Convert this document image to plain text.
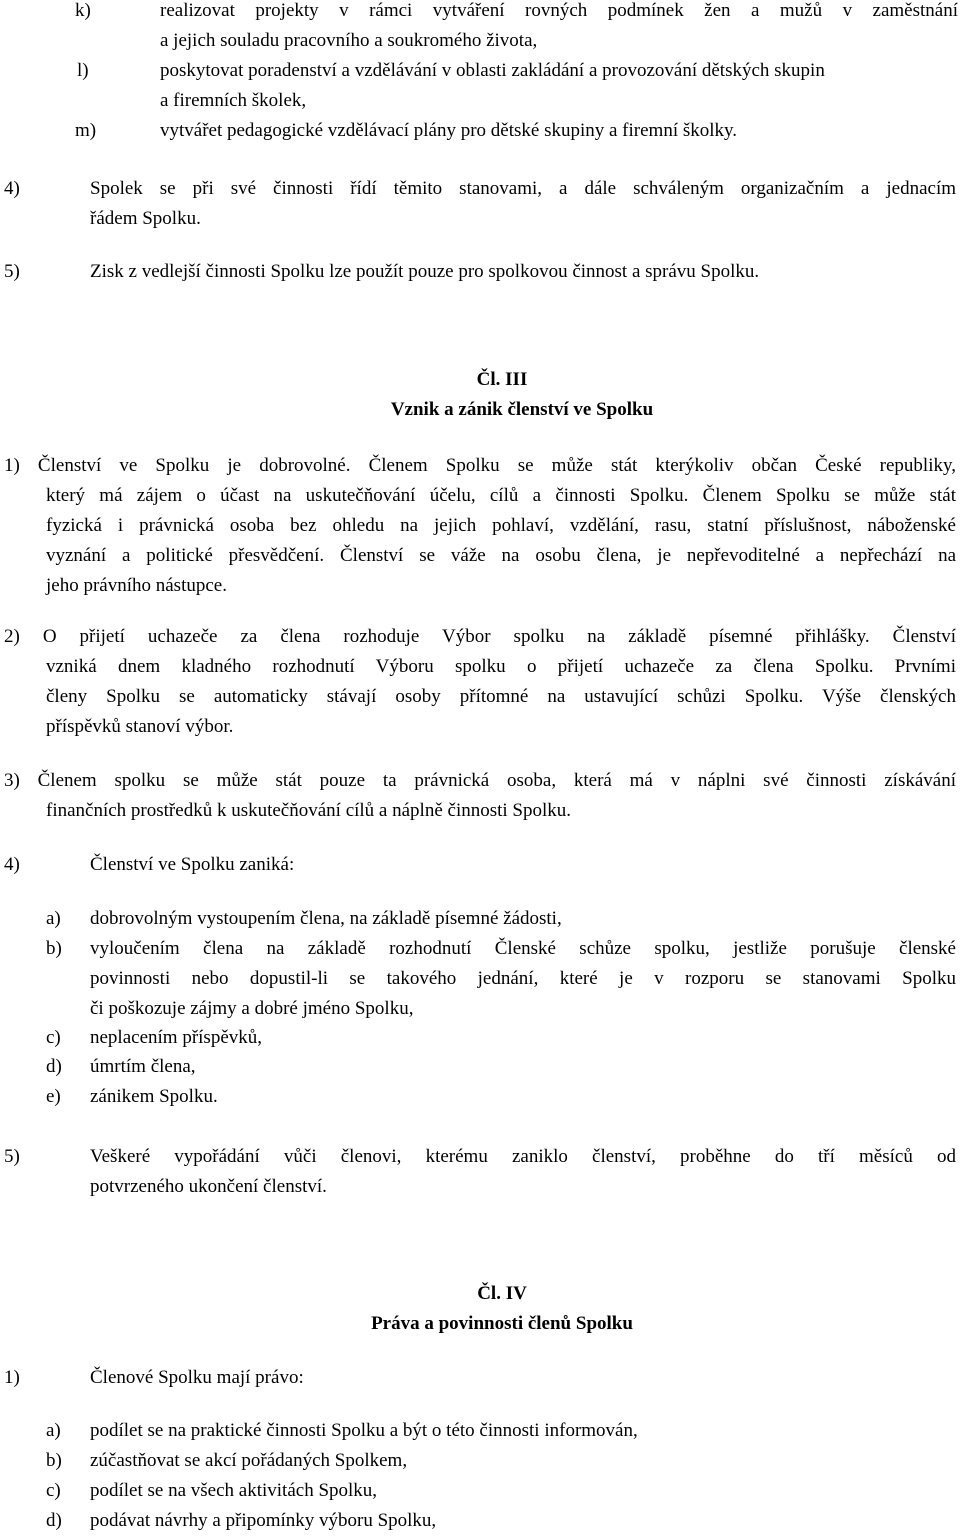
k)	realizovat projekty v rámci vytváření rovných podmínek žen a mužů v zaměstnání
a jejich souladu pracovního a soukromého života,
l)	poskytovat poradenství a vzdělávání v oblasti zakládání a provozování dětských skupin
a firemních školek,
m)	vytvářet pedagogické vzdělávací plány pro dětské skupiny a firemní školky.
4)	Spolek se při své činnosti řídí těmito stanovami, a dále schváleným organizačním a jednacím
řádem Spolku.
5)	Zisk z vedlejší činnosti Spolku lze použít pouze pro spolkovou činnost a správu Spolku.
Čl. III
Vznik a zánik členství ve Spolku
1) Členství ve Spolku je dobrovolné. Členem Spolku se může stát kterýkoliv občan České republiky,
který má zájem o účast na uskutečňování účelu, cílů a činnosti Spolku. Členem Spolku se může stát
fyzická i právnická osoba bez ohledu na jejich pohlaví, vzdělání, rasu, statní příslušnost, náboženské
vyznání a politické přesvědčení. Členství se váže na osobu člena, je nepřevoditelné a nepřechází na
jeho právního nástupce.
2) O přijetí uchazeče za člena rozhoduje Výbor spolku na základě písemné přihlášky. Členství
vzniká dnem kladného rozhodnutí Výboru spolku o přijetí uchazeče za člena Spolku. Prvními
členy Spolku se automaticky stávají osoby přítomné na ustavující schůzi Spolku. Výše členských
příspěvků stanoví výbor.
3) Členem spolku se může stát pouze ta právnická osoba, která má v náplni své činnosti získávání
finančních prostředků k uskutečňování cílů a náplně činnosti Spolku.
4)	Členství ve Spolku zaniká:
a) dobrovolným vystoupením člena, na základě písemné žádosti,
b) vyloučením člena na základě rozhodnutí Členské schůze spolku, jestliže porušuje členské
povinnosti nebo dopustil-li se takového jednání, které je v rozporu se stanovami Spolku
či poškozuje zájmy a dobré jméno Spolku,
c) neplacením příspěvků,
d) úmrtím člena,
e) zánikem Spolku.
5)	Veškeré vypořádání vůči členovi, kterému zaniklo členství, proběhne do tří měsíců od
potvrzeného ukončení členství.
Čl. IV
Práva a povinnosti členů Spolku
1)	Členové Spolku mají právo:
a) podílet se na praktické činnosti Spolku a být o této činnosti informován,
b) zúčastňovat se akcí pořádaných Spolkem,
c) podílet se na všech aktivitách Spolku,
d) podávat návrhy a připomínky výboru Spolku,
